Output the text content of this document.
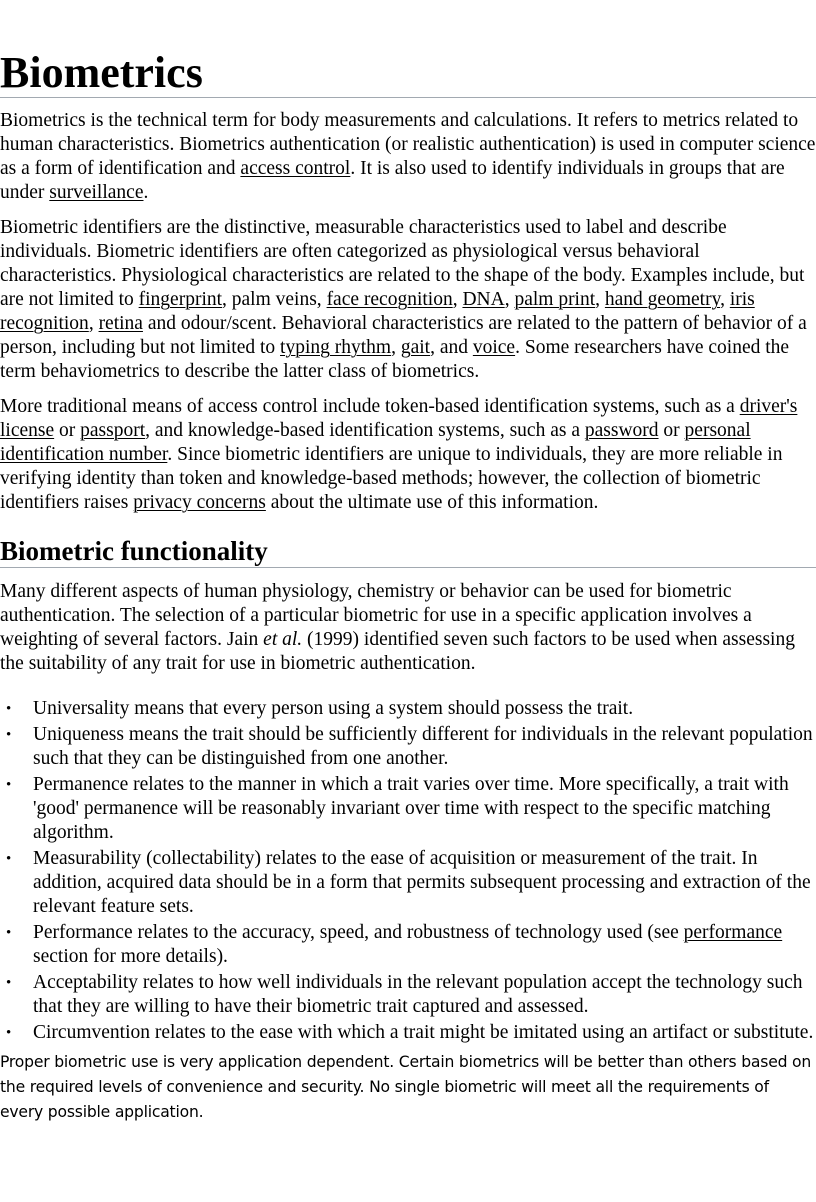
Biometrics

Biometrics is the technical term for body measurements and calculations. It refers to metrics related to human characteristics. Biometrics authentication (or realistic authentication) is used in computer science as a form of identification and access control. It is also used to identify individuals in groups that are under surveillance.

Biometric identifiers are the distinctive, measurable characteristics used to label and describe individuals. Biometric identifiers are often categorized as physiological versus behavioral characteristics. Physiological characteristics are related to the shape of the body. Examples include, but are not limited to fingerprint, palm veins, face recognition, DNA, palm print, hand geometry, iris recognition, retina and odour/scent. Behavioral characteristics are related to the pattern of behavior of a person, including but not limited to typing rhythm, gait, and voice. Some researchers have coined the term behaviometrics to describe the latter class of biometrics.

More traditional means of access control include token-based identification systems, such as a driver's license or passport, and knowledge-based identification systems, such as a password or personal identification number. Since biometric identifiers are unique to individuals, they are more reliable in verifying identity than token and knowledge-based methods; however, the collection of biometric identifiers raises privacy concerns about the ultimate use of this information.

Biometric functionality

Many different aspects of human physiology, chemistry or behavior can be used for biometric authentication. The selection of a particular biometric for use in a specific application involves a weighting of several factors. Jain et al. (1999) identified seven such factors to be used when assessing the suitability of any trait for use in biometric authentication.

• Universality means that every person using a system should possess the trait.
• Uniqueness means the trait should be sufficiently different for individuals in the relevant population such that they can be distinguished from one another.
• Permanence relates to the manner in which a trait varies over time. More specifically, a trait with 'good' permanence will be reasonably invariant over time with respect to the specific matching algorithm.
• Measurability (collectability) relates to the ease of acquisition or measurement of the trait. In addition, acquired data should be in a form that permits subsequent processing and extraction of the relevant feature sets.
• Performance relates to the accuracy, speed, and robustness of technology used (see performance section for more details).
• Acceptability relates to how well individuals in the relevant population accept the technology such that they are willing to have their biometric trait captured and assessed.
• Circumvention relates to the ease with which a trait might be imitated using an artifact or substitute.

Proper biometric use is very application dependent. Certain biometrics will be better than others based on the required levels of convenience and security. No single biometric will meet all the requirements of every possible application.
